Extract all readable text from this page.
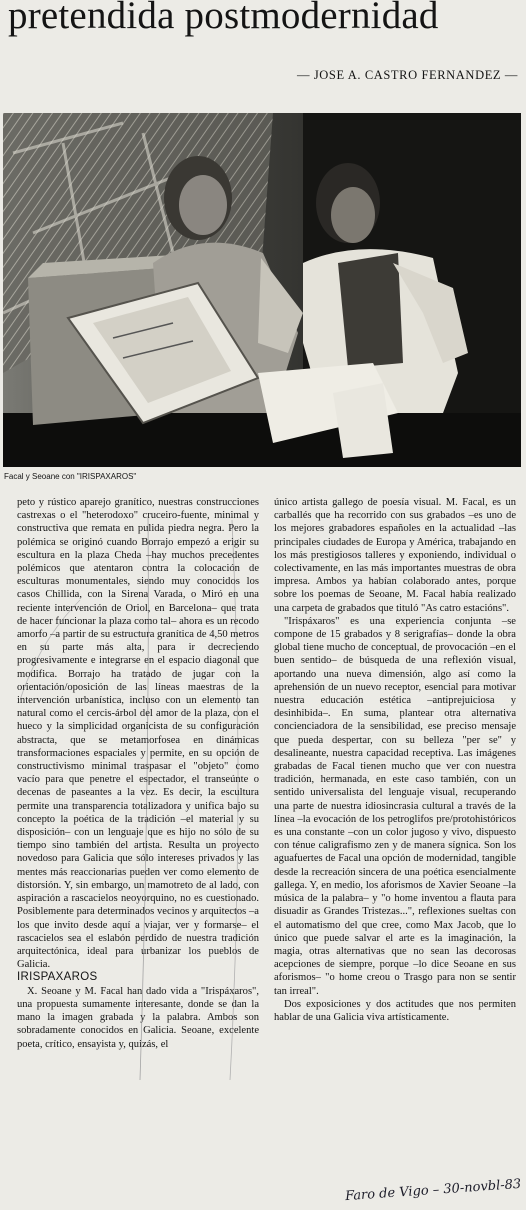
pretendida postmodernidad
— JOSE A. CASTRO FERNANDEZ —
Facal y Seoane con "IRISPAXAROS"

peto y rústico aparejo granítico, nuestras construcciones castrexas o el "heterodoxo" cruceiro-fuente, minimal y constructiva que remata en pulida piedra negra. Pero la polémica se originó cuando Borrajo empezó a erigir su escultura en la plaza Cheda –hay muchos precedentes polémicos que atentaron contra la colocación de esculturas monumentales, siendo muy conocidos los casos Chillida, con la Sirena Varada, o Miró en una reciente intervención de Oriol, en Barcelona– que trata de hacer funcionar la plaza como tal– ahora es un recodo amorfo –a partir de su estructura granítica de 4,50 metros en su parte más alta, para ir decreciendo progresivamente e integrarse en el espacio diagonal que modifica. Borrajo ha tratado de jugar con la orientación/oposición de las líneas maestras de la intervención urbanística, incluso con un elemento tan natural como el cercis-árbol del amor de la plaza, con el hueco y la simplicidad organicista de su configuración abstracta, que se metamorfosea en dinámicas transformaciones espaciales y permite, en su opción de constructivismo minimal traspasar el "objeto" como vacío para que penetre el espectador, el transeúnte o decenas de paseantes a la vez. Es decir, la escultura permite una transparencia totalizadora y unifica bajo su concepto la poética de la tradición –el material y su disposición– con un lenguaje que es hijo no sólo de su tiempo sino también del artista. Resulta un proyecto novedoso para Galicia que sólo intereses privados y las mentes más reaccionarias pueden ver como elemento de distorsión. Y, sin embargo, un mamotreto de al lado, con aspiración a rascacielos neoyorquino, no es cuestionado. Posiblemente para determinados vecinos y arquitectos –a los que invito desde aquí a viajar, ver y formarse– el rascacielos sea el eslabón perdido de nuestra tradición arquitectónica, ideal para urbanizar los pueblos de Galicia.

IRISPAXAROS

X. Seoane y M. Facal han dado vida a "Irispáxaros", una propuesta sumamente interesante, donde se dan la mano la imagen grabada y la palabra. Ambos son sobradamente conocidos en Galicia. Seoane, excelente poeta, crítico, ensayista y, quizás, el

único artista gallego de poesía visual. M. Facal, es un carballés que ha recorrido con sus grabados –es uno de los mejores grabadores españoles en la actualidad –las principales ciudades de Europa y América, trabajando en los más prestigiosos talleres y exponiendo, individual o colectivamente, en las más importantes muestras de obra impresa. Ambos ya habían colaborado antes, porque sobre los poemas de Seoane, M. Facal había realizado una carpeta de grabados que tituló "As catro estacións".

"Irispáxaros" es una experiencia conjunta –se compone de 15 grabados y 8 serigrafías– donde la obra global tiene mucho de conceptual, de provocación –en el buen sentido– de búsqueda de una reflexión visual, aportando una nueva dimensión, algo así como la aprehensión de un nuevo receptor, esencial para motivar nuestra educación estética –antiprejuiciosa y desinhibida–. En suma, plantear otra alternativa concienciadora de la sensibilidad, ese preciso mensaje que pueda despertar, con su belleza "per se" y desalineante, nuestra capacidad receptiva. Las imágenes grabadas de Facal tienen mucho que ver con nuestra tradición, hermanada, en este caso también, con un sentido universalista del lenguaje visual, recuperando una parte de nuestra idiosincrasia cultural a través de la línea –la evocación de los petroglifos pre/protohistóricos es una constante –con un color jugoso y vivo, dispuesto con ténue caligrafismo zen y de manera sígnica. Son los aguafuertes de Facal una opción de modernidad, tangible desde la recreación sincera de una poética esencialmente gallega. Y, en medio, los aforismos de Xavier Seoane –la música de la palabra– y "o home inventou a flauta para disuadir as Grandes Tristezas...", reflexiones sueltas con el automatismo del que cree, como Max Jacob, que lo único que puede salvar el arte es la imaginación, la magia, otras alternativas que no sean las decorosas acepciones de siempre, porque –lo dice Seoane en sus aforismos– "o home creou o Trasgo para non se sentir tan irreal".

Dos exposiciones y dos actitudes que nos permiten hablar de una Galicia viva artísticamente.

Faro de Vigo – 30-novbl-83
